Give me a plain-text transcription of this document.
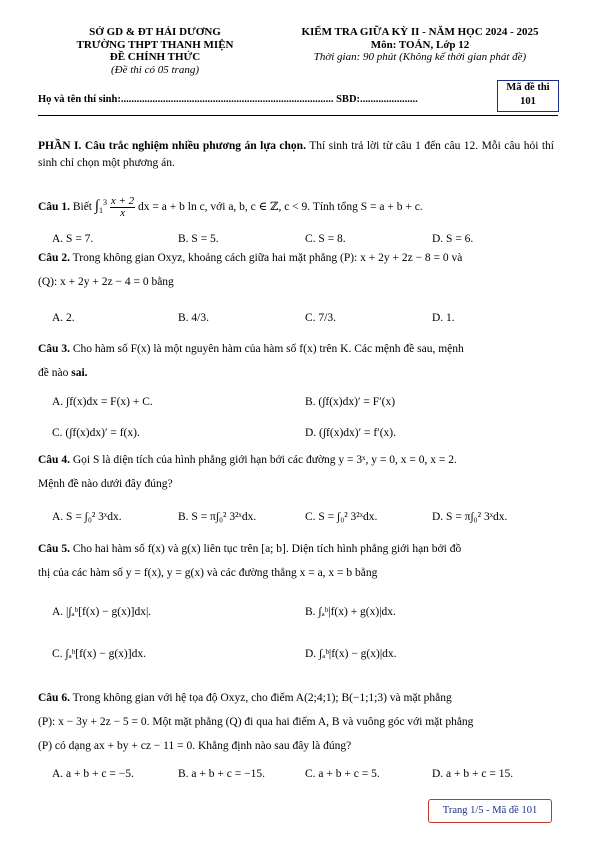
SỞ GD & ĐT HẢI DƯƠNG
TRƯỜNG THPT THANH MIỆN
ĐỀ CHÍNH THỨC
(Đề thi có 05 trang)
KIỂM TRA GIỮA KỲ II - NĂM HỌC 2024 - 2025
Môn: TOÁN, Lớp 12
Thời gian: 90 phút (Không kể thời gian phát đề)
Mã đề thi
101
Họ và tên thí sinh:................................................................................. SBD:......................
PHẦN I. Câu trắc nghiệm nhiều phương án lựa chọn. Thí sinh trả lời từ câu 1 đến câu 12. Mỗi câu hỏi thí sinh chỉ chọn một phương án.
Câu 1. Biết $\int_1^3 \frac{x + 2}{x}$ dx = a + b ln c, với a, b, c ∈ ℤ, c < 9. Tính tổng S = a + b + c.
A. S = 7.	B. S = 5.	C. S = 8.	D. S = 6.
Câu 2. Trong không gian Oxyz, khoảng cách giữa hai mặt phẳng (P): x + 2y + 2z − 8 = 0 và
(Q): x + 2y + 2z − 4 = 0 bằng
A. 2.	B. 4/3.	C. 7/3.	D. 1.
Câu 3. Cho hàm số F(x) là một nguyên hàm của hàm số f(x) trên K. Các mệnh đề sau, mệnh
đề nào sai.
A. ∫f(x)dx = F(x) + C.	B. (∫f(x)dx)′ = F′(x)
C. (∫f(x)dx)′ = f(x).	D. (∫f(x)dx)′ = f′(x).
Câu 4. Gọi S là diện tích của hình phẳng giới hạn bởi các đường y = 3ˣ, y = 0, x = 0, x = 2.
Mệnh đề nào dưới đây đúng?
A. S = ∫₀² 3ˣdx.	B. S = π∫₀² 3²ˣdx.	C. S = ∫₀² 3²ˣdx.	D. S = π∫₀² 3ˣdx.
Câu 5. Cho hai hàm số f(x) và g(x) liên tục trên [a; b]. Diện tích hình phẳng giới hạn bởi đồ
thị của các hàm số y = f(x), y = g(x) và các đường thẳng x = a, x = b bằng
A. |∫ₐᵇ[f(x) − g(x)]dx|.	B. ∫ₐᵇ|f(x) + g(x)|dx.
C. ∫ₐᵇ[f(x) − g(x)]dx.	D. ∫ₐᵇ|f(x) − g(x)|dx.
Câu 6. Trong không gian với hệ tọa độ Oxyz, cho điểm A(2;4;1); B(−1;1;3) và mặt phẳng
(P): x − 3y + 2z − 5 = 0. Một mặt phẳng (Q) đi qua hai điểm A, B và vuông góc với mặt phẳng
(P) có dạng ax + by + cz − 11 = 0. Khẳng định nào sau đây là đúng?
A. a + b + c = −5.	B. a + b + c = −15.	C. a + b + c = 5.	D. a + b + c = 15.
Trang 1/5 - Mã đề 101
